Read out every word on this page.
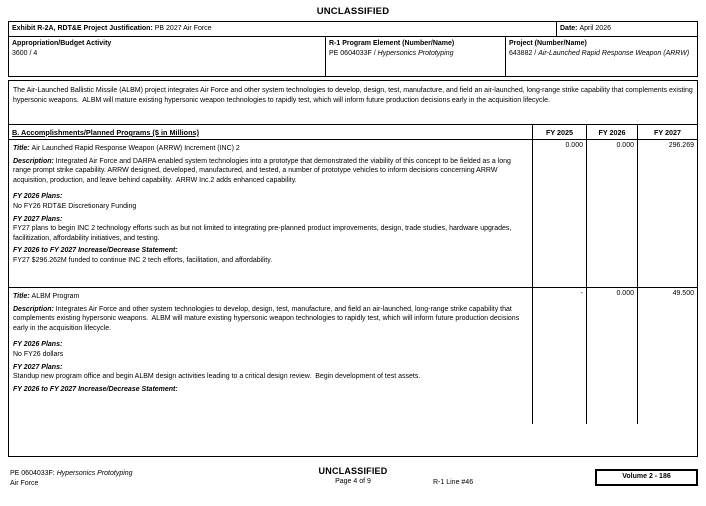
UNCLASSIFIED
Exhibit R-2A, RDT&E Project Justification: PB 2027 Air Force	Date: April 2026
Appropriation/Budget Activity
3600 / 4
R-1 Program Element (Number/Name)
PE 0604033F / Hypersonics Prototyping
Project (Number/Name)
643882 / Air-Launched Rapid Response Weapon (ARRW)
The Air-Launched Ballistic Missile (ALBM) project integrates Air Force and other system technologies to develop, design, test, manufacture, and field an air-launched, long-range strike capability that complements existing hypersonic weapons.  ALBM will mature existing hypersonic weapon technologies to rapidly test, which will inform future production decisions early in the acquisition lifecycle.
B. Accomplishments/Planned Programs ($ in Millions)	FY 2025	FY 2026	FY 2027
Title: Air Launched Rapid Response Weapon (ARRW) Increment (INC) 2
Description: Integrated Air Force and DARPA enabled system technologies into a prototype that demonstrated the viability of this concept to be fielded as a long range prompt strike capability. ARRW designed, developed, manufactured, and tested, a number of prototype vehicles to inform decisions concerning ARRW acquisition, production, and leave behind capability.  ARRW Inc.2 adds enhanced capability.
FY 2026 Plans:
No FY26 RDT&E Discretionary Funding
FY 2027 Plans:
FY27 plans to begin INC 2 technology efforts such as but not limited to integrating pre-planned product improvements, design, trade studies, hardware upgrades, facilitization, affordability initiatives, and testing.
FY 2026 to FY 2027 Increase/Decrease Statement:
FY27 $296.262M funded to continue INC 2 tech efforts, facilitation, and affordability.
0.000	0.000	296.269
Title: ALBM Program
Description: Integrates Air Force and other system technologies to develop, design, test, manufacture, and field an air-launched, long-range strike capability that complements existing hypersonic weapons.  ALBM will mature existing hypersonic weapon technologies to rapidly test, which will inform future production decisions early in the acquisition lifecycle.
FY 2026 Plans:
No FY26 dollars
FY 2027 Plans:
Standup new program office and begin ALBM design activities leading to a critical design review.  Begin development of test assets.
FY 2026 to FY 2027 Increase/Decrease Statement:

-	0.000	49.500
PE 0604033F: Hypersonics Prototyping
Air Force
UNCLASSIFIED
Page 4 of 9	R-1 Line #46
Volume 2 - 186
